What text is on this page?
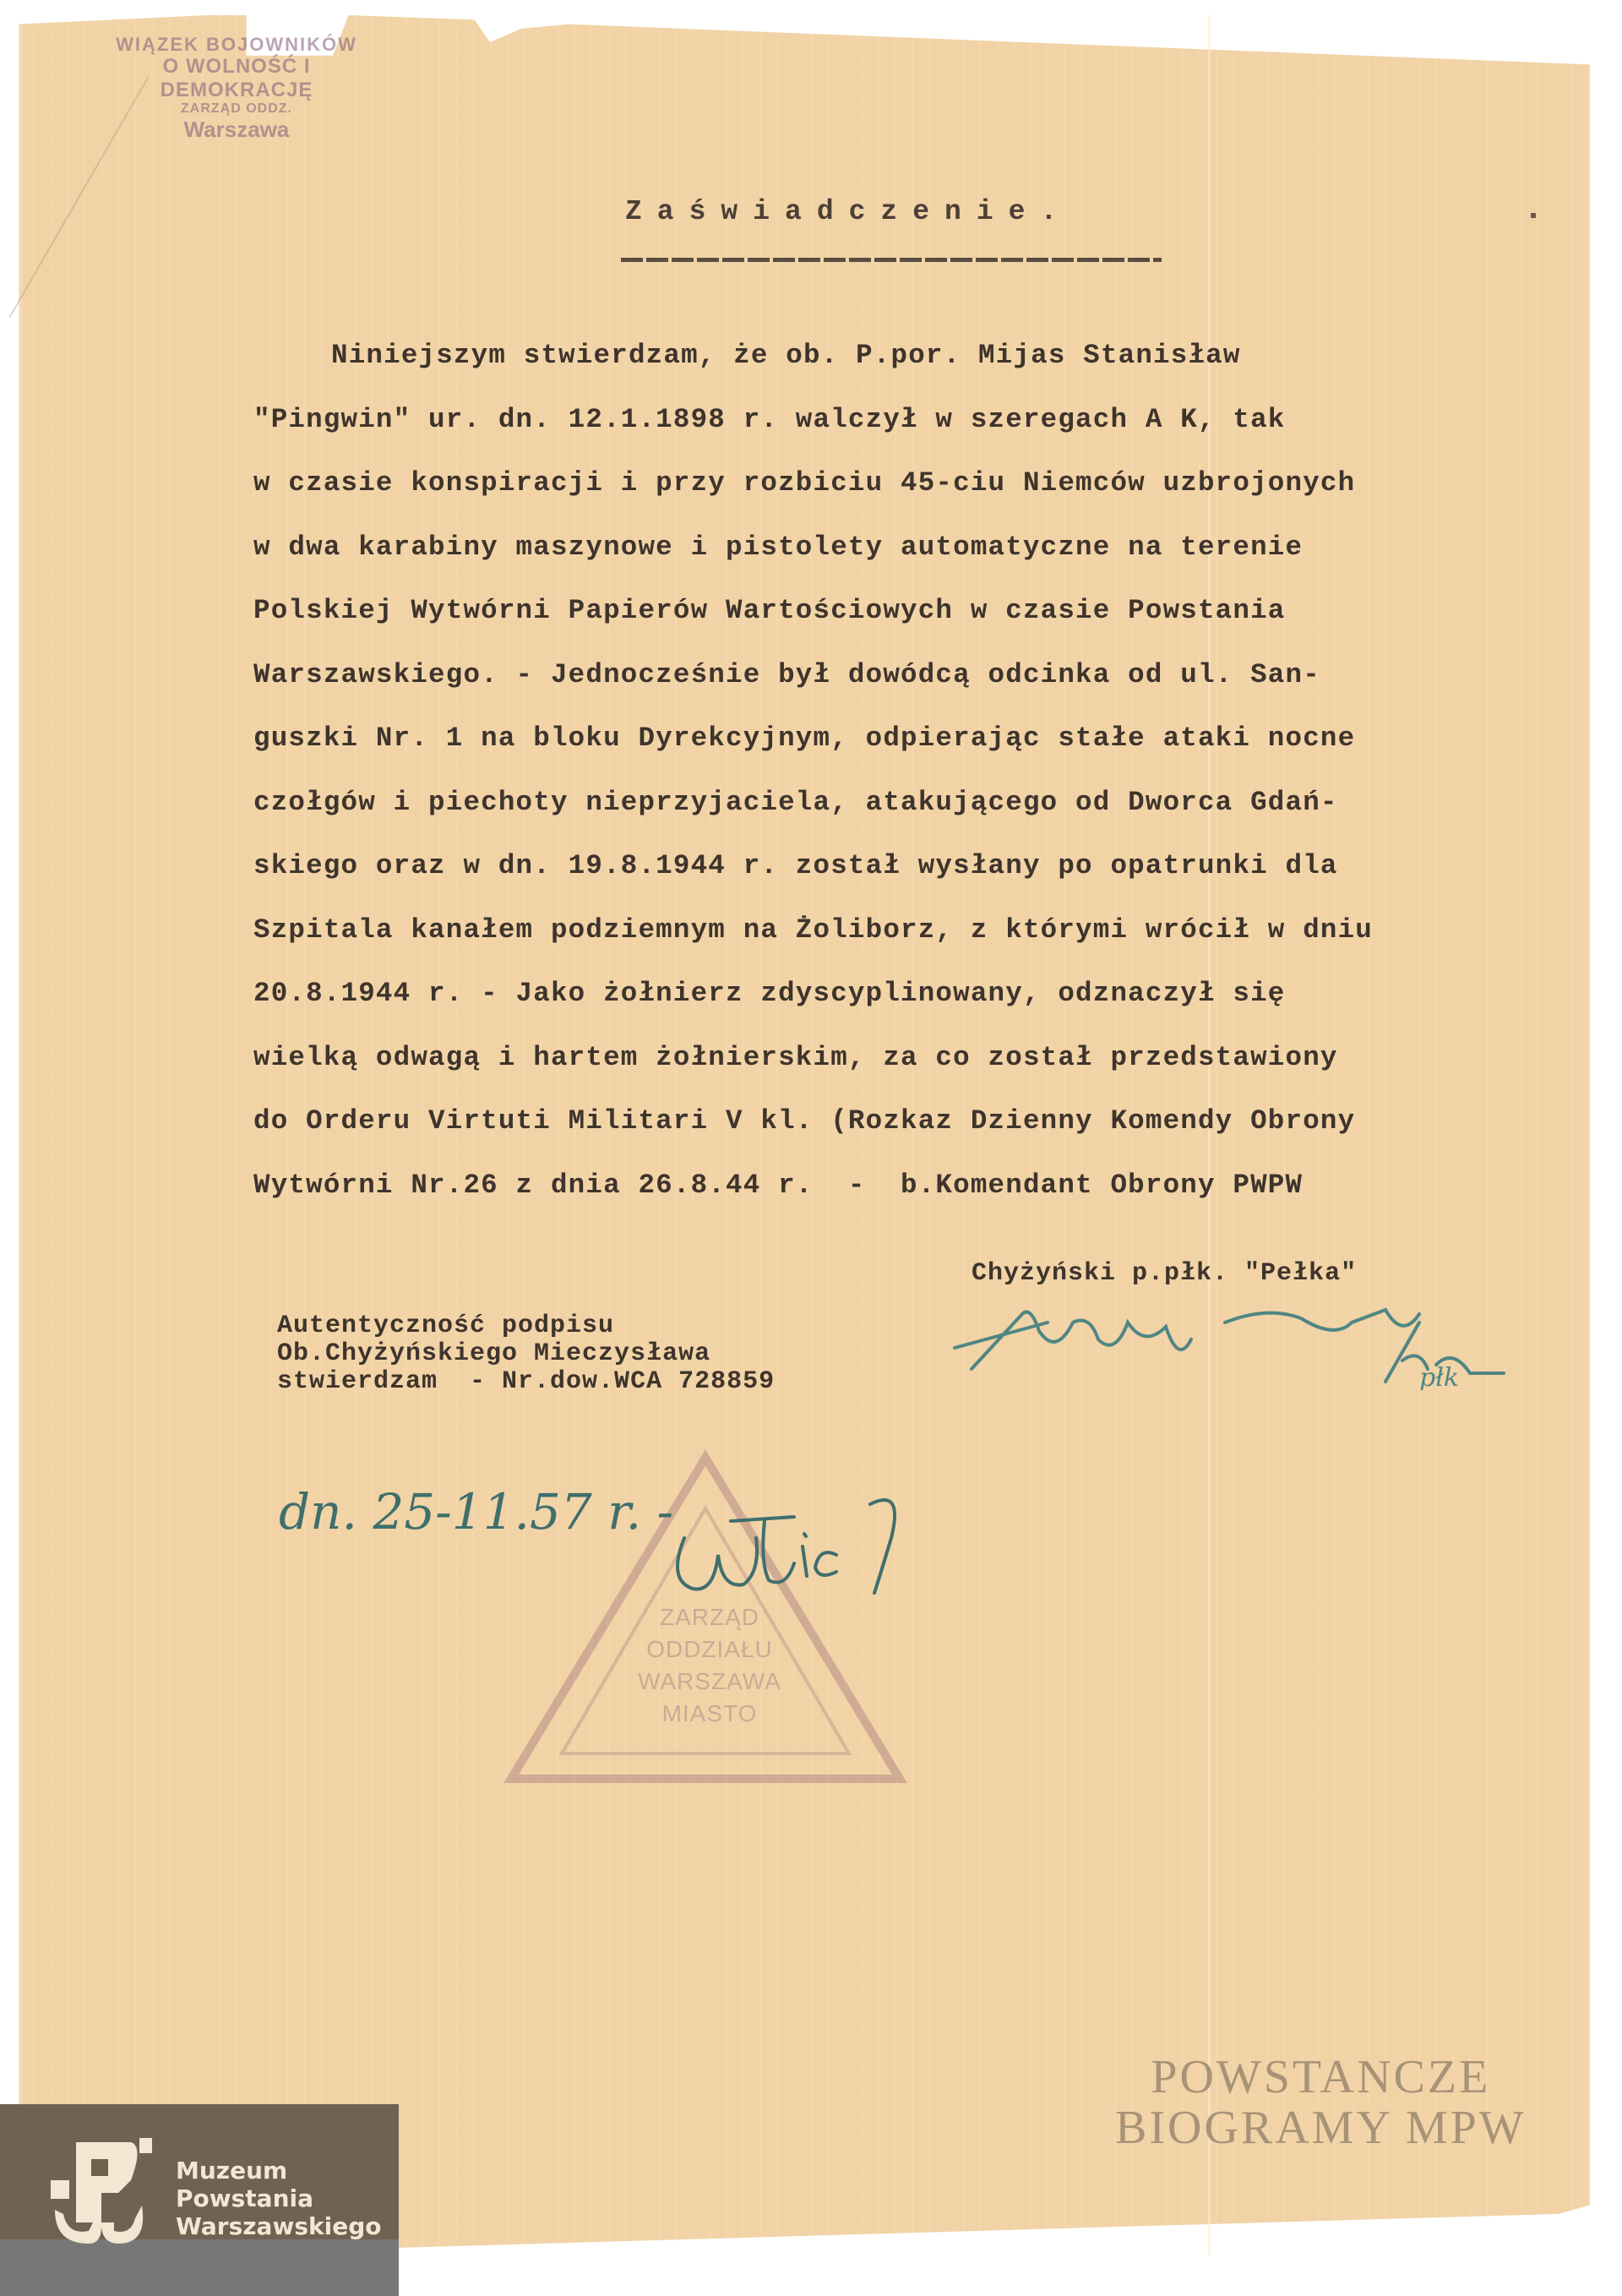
WIĄZEK BOJOWNIKÓW
O WOLNOŚĆ I DEMOKRACJĘ
ZARZĄD ODDZ.
Warszawa
Zaświadczenie.
Niniejszym stwierdzam, że ob. P.por. Mijas Stanisław
"Pingwin" ur. dn. 12.1.1898 r. walczył w szeregach A K, tak
w czasie konspiracji i przy rozbiciu 45-ciu Niemców uzbrojonych
w dwa karabiny maszynowe i pistolety automatyczne na terenie
Polskiej Wytwórni Papierów Wartościowych w czasie Powstania
Warszawskiego. - Jednocześnie był dowódcą odcinka od ul. San-
guszki Nr. 1 na bloku Dyrekcyjnym, odpierając stałe ataki nocne
czołgów i piechoty nieprzyjaciela, atakującego od Dworca Gdań-
skiego oraz w dn. 19.8.1944 r. został wysłany po opatrunki dla
Szpitala kanałem podziemnym na Żoliborz, z którymi wrócił w dniu
20.8.1944 r. - Jako żołnierz zdyscyplinowany, odznaczył się
wielką odwagą i hartem żołnierskim, za co został przedstawiony
do Orderu Virtuti Militari V kl. (Rozkaz Dzienny Komendy Obrony
Wytwórni Nr.26 z dnia 26.8.44 r.  -  b.Komendant Obrony PWPW
Chyżyński p.płk. "Pełka"
płk
Autentyczność podpisu
Ob.Chyżyńskiego Mieczysława
stwierdzam  - Nr.dow.WCA 728859
ZARZĄD
ODDZIAŁU
WARSZAWA
MIASTO
dn. 25-11.57 r. -
POWSTANCZE
BIOGRAMY MPW
Muzeum
Powstania
Warszawskiego
